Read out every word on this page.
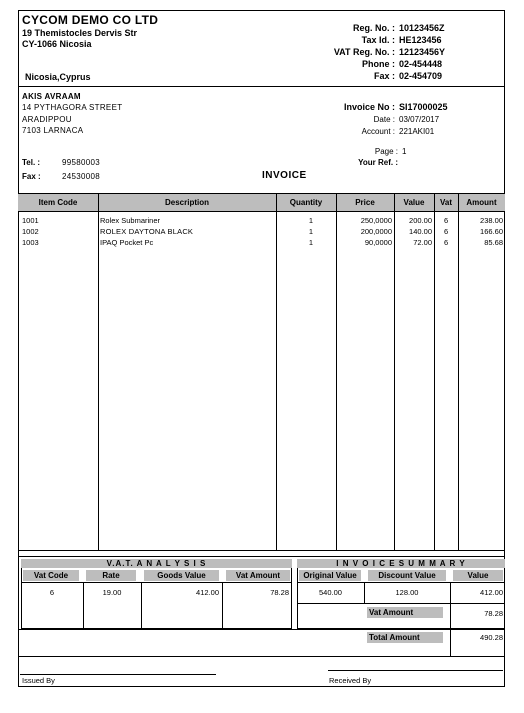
CYCOM DEMO CO LTD
19 Themistocles Dervis Str
CY-1066 Nicosia
Nicosia,Cyprus
Reg. No. : 10123456Z
Tax Id. : HE123456
VAT Reg. No. : 12123456Y
Phone : 02-454448
Fax : 02-454709
AKIS AVRAAM
14 PYTHAGORA STREET
ARADIPPOU
7103 LARNACA
Tel. :	99580003
Fax :	24530008
Invoice No : SI17000025
Date : 03/07/2017
Account : 221AKI01
Page : 1
Your Ref. :
INVOICE
Item Code	Description	Quantity	Price	Value	Vat	Amount
1001	Rolex Submariner	1	250,0000	200.00 6	238.00
1002	ROLEX DAYTONA BLACK	1	200,0000	140.00 6	166.60
1003	IPAQ Pocket Pc	1	90,0000	72.00 6	85.68
V.A.T. A N A L Y S I S
Vat Code	Rate	Goods Value	Vat Amount
6	19.00	412.00	78.28
I N V O I C E S U M M A R Y
Original Value	Discount Value	Value
540.00	128.00	412.00
Vat Amount	78.28
Total Amount	490.28
Issued By	Received By
